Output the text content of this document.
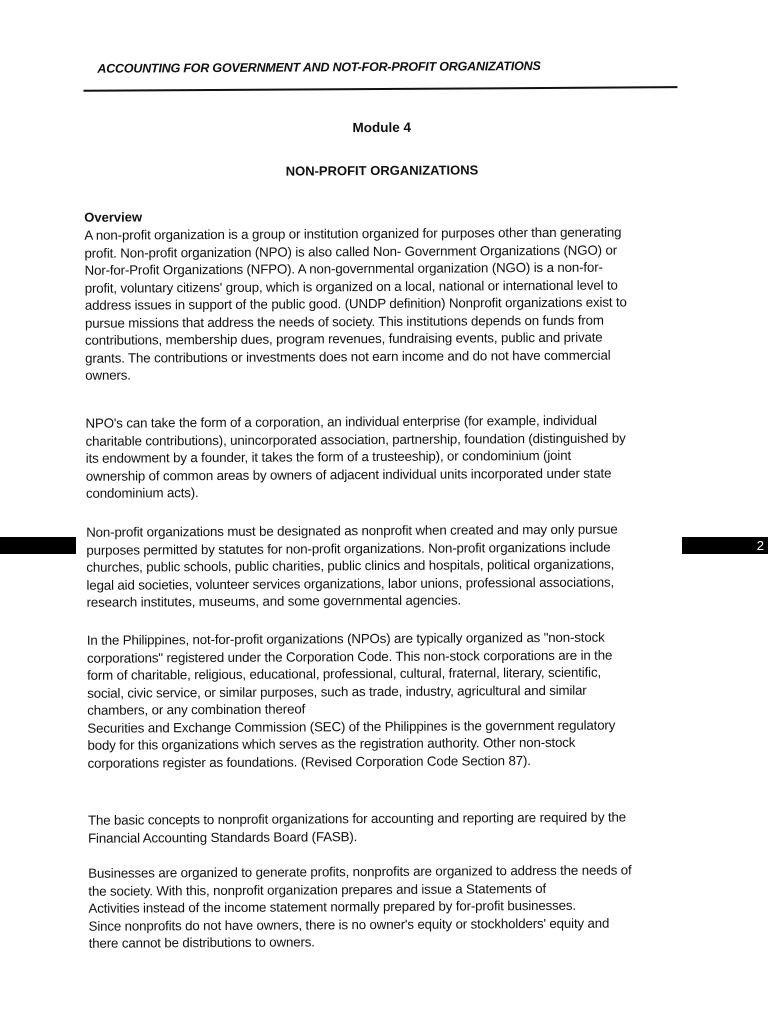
ACCOUNTING FOR GOVERNMENT AND NOT-FOR-PROFIT ORGANIZATIONS
Module 4
NON-PROFIT ORGANIZATIONS
Overview
A non-profit organization is a group or institution organized for purposes other than generating
profit. Non-profit organization (NPO) is also called Non- Government Organizations (NGO) or
Nor-for-Profit Organizations (NFPO). A non-governmental organization (NGO) is a non-for-
profit, voluntary citizens' group, which is organized on a local, national or international level to
address issues in support of the public good. (UNDP definition) Nonprofit organizations exist to
pursue missions that address the needs of society. This institutions depends on funds from
contributions, membership dues, program revenues, fundraising events, public and private
grants. The contributions or investments does not earn income and do not have commercial
owners.
NPO's can take the form of a corporation, an individual enterprise (for example, individual
charitable contributions), unincorporated association, partnership, foundation (distinguished by
its endowment by a founder, it takes the form of a trusteeship), or condominium (joint
ownership of common areas by owners of adjacent individual units incorporated under state
condominium acts).
Non-profit organizations must be designated as nonprofit when created and may only pursue
purposes permitted by statutes for non-profit organizations. Non-profit organizations include
churches, public schools, public charities, public clinics and hospitals, political organizations,
legal aid societies, volunteer services organizations, labor unions, professional associations,
research institutes, museums, and some governmental agencies.
In the Philippines, not-for-profit organizations (NPOs) are typically organized as "non-stock
corporations" registered under the Corporation Code. This non-stock corporations are in the
form of charitable, religious, educational, professional, cultural, fraternal, literary, scientific,
social, civic service, or similar purposes, such as trade, industry, agricultural and similar
chambers, or any combination thereof
Securities and Exchange Commission (SEC) of the Philippines is the government regulatory
body for this organizations which serves as the registration authority. Other non-stock
corporations register as foundations. (Revised Corporation Code Section 87).
The basic concepts to nonprofit organizations for accounting and reporting are required by the
Financial Accounting Standards Board (FASB).
Businesses are organized to generate profits, nonprofits are organized to address the needs of
the society. With this, nonprofit organization prepares and issue a Statements of
Activities instead of the income statement normally prepared by for-profit businesses.
Since nonprofits do not have owners, there is no owner's equity or stockholders' equity and
there cannot be distributions to owners.
2
